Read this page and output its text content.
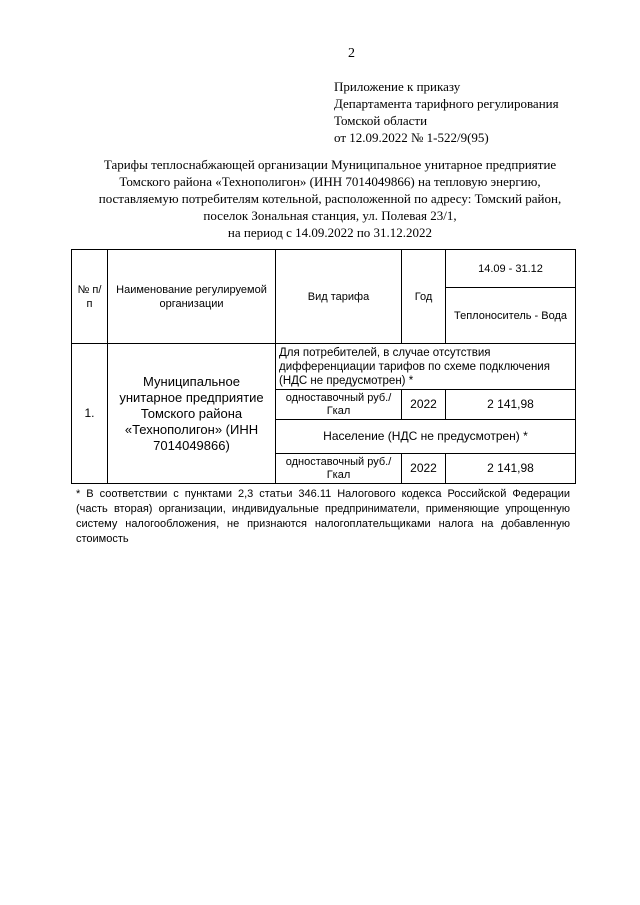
2
Приложение к приказу
Департамента тарифного регулирования
Томской области
от 12.09.2022 № 1-522/9(95)
Тарифы теплоснабжающей организации Муниципальное унитарное предприятие
Томского района «Технополигон» (ИНН 7014049866) на тепловую энергию,
поставляемую потребителям котельной, расположенной по адресу: Томский район,
поселок Зональная станция, ул. Полевая 23/1,
на период с 14.09.2022 по 31.12.2022
№ п/п	Наименование регулируемой организации	Вид тарифа	Год	14.09 - 31.12
				Теплоноситель - Вода
1.	Муниципальное унитарное предприятие Томского района «Технополигон» (ИНН 7014049866)	Для потребителей, в случае отсутствия дифференциации тарифов по схеме подключения (НДС не предусмотрен) *		
		одноставочный руб./Гкал	2022	2 141,98
		Население (НДС не предусмотрен) *		
		одноставочный руб./Гкал	2022	2 141,98
* В соответствии с пунктами 2,3 статьи 346.11 Налогового кодекса Российской Федерации (часть вторая) организации, индивидуальные предприниматели, применяющие упрощенную систему налогообложения, не признаются налогоплательщиками налога на добавленную стоимость
